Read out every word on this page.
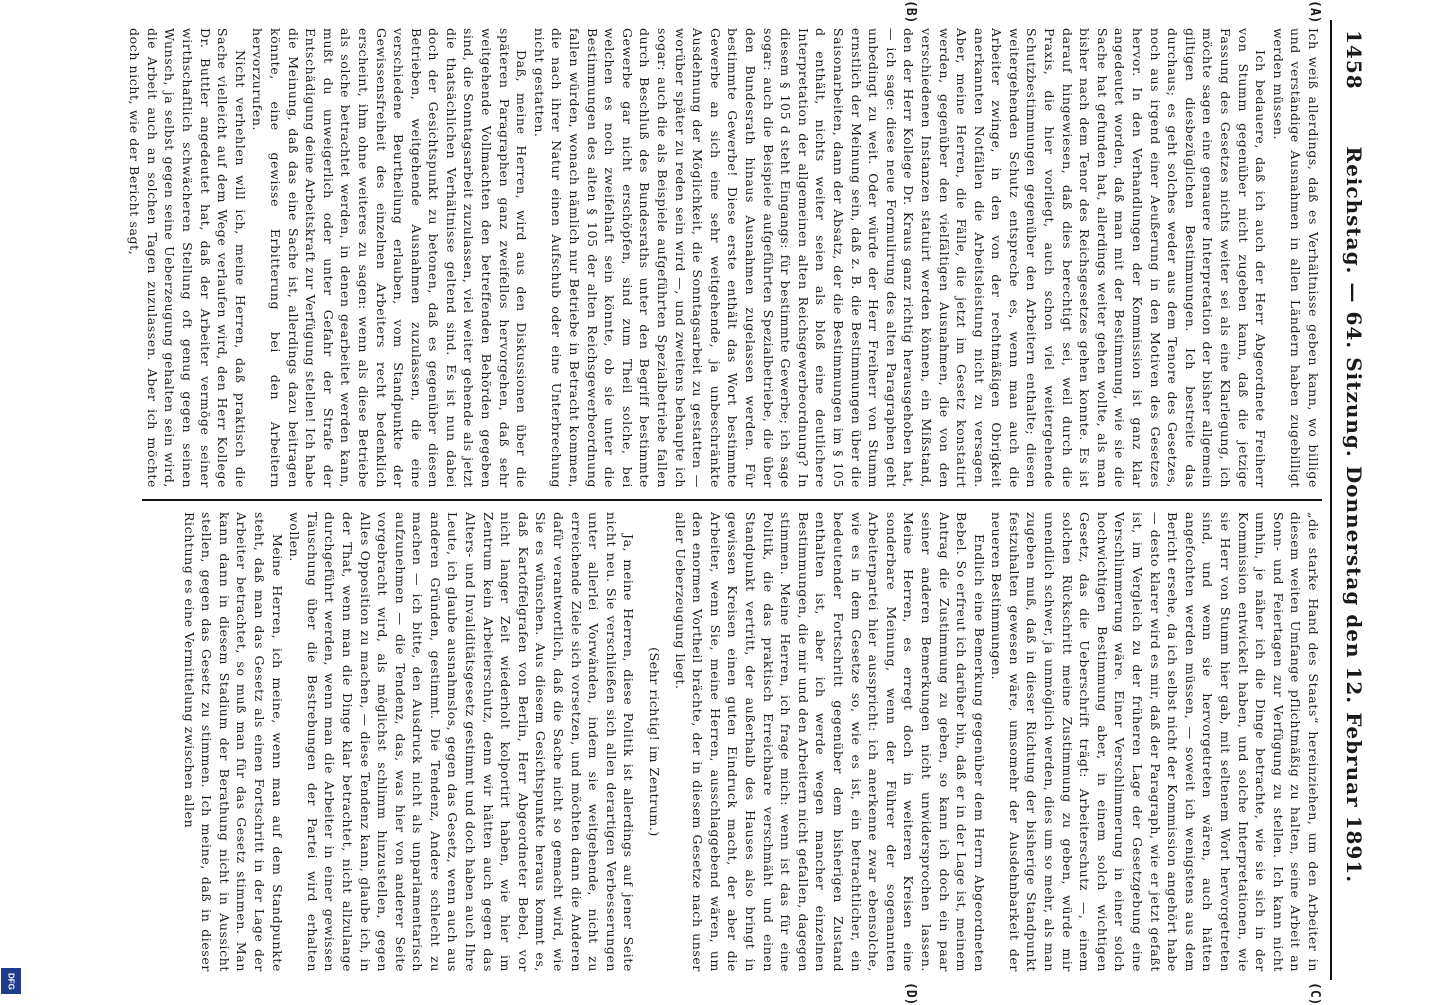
DFG
1458
Reichstag. — 64. Sitzung. Donnerstag den 12. Februar 1891.
(A)
(B)
(C)
(D)

Ich weiß allerdings, daß es Verhältnisse geben kann, wo billige und verständige Ausnahmen in allen Ländern haben zugebilligt werden müssen.

Ich bedauere, daß ich auch der Herr Abgeordnete Freiherr von Stumm gegenüber nicht zugeben kann, daß die jetzige Fassung des Gesetzes nichts weiter sei als eine Klarlegung, ich möchte sagen eine genauere Interpretation der bisher allgemein giltigen diesbezüglichen Bestimmungen. Ich bestreite das durchaus; es geht solches weder aus dem Tenore des Gesetzes, noch aus irgend einer Aeußerung in den Motiven des Gesetzes hervor. In den Verhandlungen der Kommission ist ganz klar angedeutet worden, daß man mit der Bestimmung, wie sie die Sache hat gefunden hat, allerdings weiter gehen wollte, als man bisher nach dem Tenor des Reichsgesetzes gehen konnte. Es ist darauf hingewiesen, daß dies berechtigt sei, weil durch die Praxis, die hier vorliegt, auch schon viel weitergehende Schutzbestimmungen gegenüber den Arbeitern enthalte; diesen weitergehenden Schutz entspreche es, wenn man auch die Arbeiter zwinge, in den von der rechtmäßigen Obrigkeit anerkannten Notfällen die Arbeitsleistung nicht zu versagen. Aber, meine Herren, die Fälle, die jetzt im Gesetz konstatirt werden, gegenüber den vielfältigen Ausnahmen, die von den verschiedenen Instanzen statuirt werden können, ein Mißstand, den der Herr Kollege Dr. Kraus ganz richtig herausgehoben hat, — ich sage: diese neue Formulirung des alten Paragraphen geht unbedingt zu weit. Oder würde der Herr Freiherr von Stumm ernstlich der Meinung sein, daß z. B. die Bestimmungen über die Saisonarbeiten, dann der Absatz, der die Bestimmungen im § 105 d enthält, nichts weiter seien als bloß eine deutlichere Interpretation der allgemeinen alten Reichsgewerbeordnung? In diesem § 105 d steht Eingangs: für bestimmte Gewerbe; ich sage sogar: auch die Beispiele aufgeführten Spezialbetriebe, die über den Bundesrath hinaus Ausnahmen zugelassen werden. Für bestimmte Gewerbe! Diese erste enthält das Wort bestimmte Gewerbe an sich eine sehr weitgehende, ja unbeschränkte Ausdehnung der Möglichkeit, die Sonntagsarbeit zu gestatten — worüber später zu reden sein wird —, und zweitens behaupte ich sogar: auch die als Beispiele aufgeführten Spezialbetriebe fallen durch Beschluß des Bundesraths unter den Begriff bestimmte Gewerbe gar nicht erschöpfen, sind zum Theil solche, bei welchen es noch zweifelhaft sein könnte, ob sie unter die Bestimmungen des alten § 105 der alten Reichsgewerbeordnung fallen würden, wonach nämlich nur Betriebe in Betracht kommen, die nach ihrer Natur einen Aufschub oder eine Unterbrechung nicht gestatten.

Daß, meine Herren, wird aus den Diskussionen über die späteren Paragraphen ganz zweifellos hervorgehen, daß sehr weitgehende Vollmachten den betreffenden Behörden gegeben sind, die Sonntagsarbeit zuzulassen, viel weiter gehende als jetzt die thatsächlichen Verhältnisse geltend sind. Es ist nun dabei doch der Gesichtspunkt zu betonen, daß es gegenüber diesen Betrieben, weitgehende Ausnahmen zuzulassen, die eine verschiedene Beurtheilung erlauben, vom Standpunkte der Gewissensfreiheit des einzelnen Arbeiters recht bedenklich erscheint, ihm ohne weiteres zu sagen: wenn als diese Betriebe als solche betrachtet werden, in denen gearbeitet werden kann, mußt du unweigerlich oder unter Gefahr der Strafe der Entschädigung deine Arbeitskraft zur Verfügung stellen! Ich habe die Meinung, daß das eine Sache ist, allerdings dazu beitragen könnte, eine gewisse Erbitterung bei den Arbeitern hervorzurufen.

Nicht verhehlen will ich, meine Herren, daß praktisch die Sache vielleicht auf dem Wege verlaufen wird, den Herr Kollege Dr. Buttler angedeutet hat, daß der Arbeiter vermöge seiner wirthschaftlich schwächeren Stellung oft genug gegen seinen Wunsch, ja selbst gegen seine Ueberzeugung gehalten sein wird, die Arbeit auch an solchen Tagen zuzulassen. Aber ich möchte doch nicht, wie der Bericht sagt,

„die starke Hand des Staats“ hereinziehen, um den Arbeiter in diesem weiten Umfange pflichtmäßig zu halten, seine Arbeit an Sonn- und Feiertagen zur Verfügung zu stellen. Ich kann nicht umhin, je näher ich die Dinge betrachte, wie sie sich in der Kommission entwickelt haben, und solche Interpretationen, wie sie Herr von Stumm hier gab, mit seltenem Wort hervorgetreten sind, und wenn sie hervorgetreten wären, auch hätten angefochten werden müssen, — soweit ich wenigstens aus dem Bericht ersehe, da ich selbst nicht der Kommission angehört habe — desto klarer wird es mir, daß der Paragraph, wie er jetzt gefaßt ist, im Vergleich zu der früheren Lage der Gesetzgebung eine Verschlimmerung wäre. Einer Verschlimmerung in einer solch hochwichtigen Bestimmung aber, in einem solch wichtigen Gesetz, das die Ueberschrift trägt: Arbeiterschutz —, einem solchen Rückschritt meine Zustimmung zu geben, würde mir unendlich schwer, ja unmöglich werden, dies um so mehr, als man zugeben muß, daß in dieser Richtung der bisherige Standpunkt festzuhalten gewesen wäre, umsomehr der Ausdehnbarkeit der neueren Bestimmungen.

Endlich eine Bemerkung gegenüber dem Herrn Abgeordneten Bebel. So erfreut ich darüber bin, daß er in der Lage ist, meinem Antrag die Zustimmung zu geben, so kann ich doch ein paar seiner anderen Bemerkungen nicht unwidersprochen lassen. Meine Herren, es erregt doch in weiteren Kreisen eine sonderbare Meinung, wenn der Führer der sogenannten Arbeiterpartei hier ausspricht: ich anerkenne zwar ebensolche, wie es in dem Gesetze so, wie es ist, ein betrachtlicher, ein bedeutender Fortschritt gegenüber dem bisherigen Zustand enthalten ist, aber ich werde wegen mancher einzelnen Bestimmungen, die mir und den Arbeitern nicht gefallen, dagegen stimmen. Meine Herren, ich frage mich: wenn ist das für eine Politik, die das praktisch Erreichbare verschmäht und einen Standpunkt vertritt, der außerhalb des Hauses also bringt in gewissen Kreisen einen guten Eindruck macht, der aber die Arbeiter, wenn Sie, meine Herren, ausschlaggebend wären, um den enormen Vortheil brächte, der in diesem Gesetze nach unser aller Ueberzeugung liegt.

(Sehr richtig! im Zentrum.)

Ja, meine Herren, diese Politik ist allerdings auf jener Seite nicht neu. Sie verschließen sich allen derartigen Verbesserungen unter allerlei Vorwänden, indem sie weitgehende, nicht zu erreichende Ziele sich vorsetzen, und möchten dann die Anderen dafür verantwortlich, daß die Sache nicht so gemacht wird, wie Sie es wünschen. Aus diesem Gesichtspunkte heraus kommt es, daß Kartoffelgrafen von Berlin, Herr Abgeordneter Bebel, vor nicht langer Zeit wiederholt kolportirt haben, wie hier im Zentrum kein Arbeiterschutz, denn wir hätten auch gegen das Alters- und Invaliditätsgesetz gestimmt und doch haben auch Ihre Leute, ich glaube ausnahmslos, gegen das Gesetz, wenn auch aus anderen Gründen, gestimmt. Die Tendenz, Andere schlecht zu machen — ich bitte, den Ausdruck nicht als unparlamentarisch aufzunehmen — die Tendenz, das, was hier von anderer Seite vorgebracht wird, als möglichst schlimm hinzustellen, gegen Alles Opposition zu machen, — diese Tendenz kann, glaube ich, in der That, wenn man die Dinge klar betrachtet, nicht allzulange durchgeführt werden, wenn man die Arbeiter in einer gewissen Täuschung über die Bestrebungen der Partei wird erhalten wollen.

Meine Herren, ich meine, wenn man auf dem Standpunkte steht, daß man das Gesetz als einen Fortschritt in der Lage der Arbeiter betrachtet, so muß man für das Gesetz stimmen. Man kann dann in diesem Stadium der Berathung nicht in Aussicht stellen, gegen das Gesetz zu stimmen. Ich meine, daß in dieser Richtung es eine Vermittelung zwischen allen
